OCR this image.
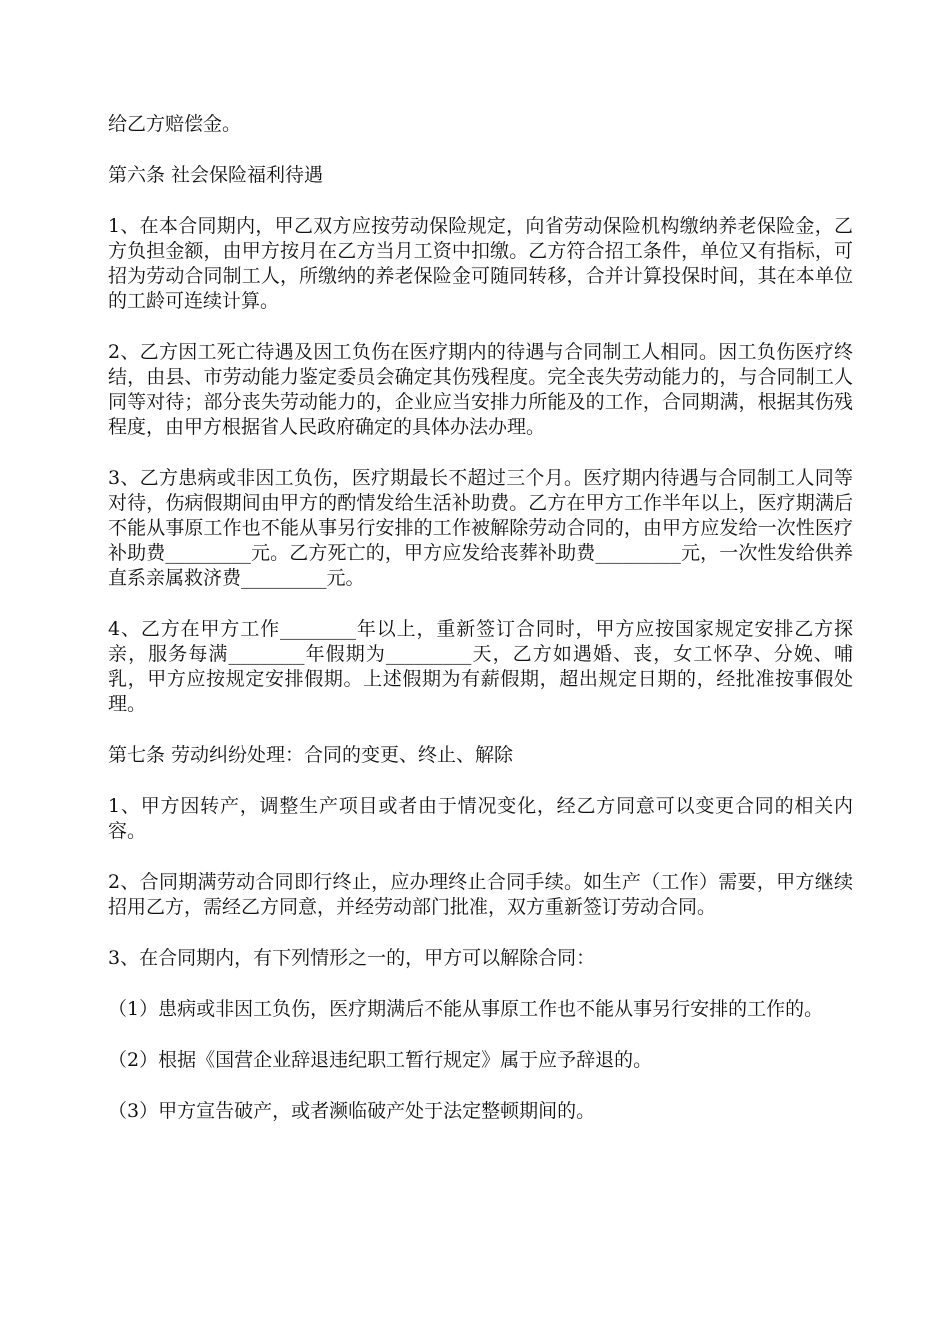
给乙方赔偿金。

第六条 社会保险福利待遇

1、在本合同期内，甲乙双方应按劳动保险规定，向省劳动保险机构缴纳养老保险金，乙方负担金额，由甲方按月在乙方当月工资中扣缴。乙方符合招工条件，单位又有指标，可招为劳动合同制工人，所缴纳的养老保险金可随同转移，合并计算投保时间，其在本单位的工龄可连续计算。

2、乙方因工死亡待遇及因工负伤在医疗期内的待遇与合同制工人相同。因工负伤医疗终结，由县、市劳动能力鉴定委员会确定其伤残程度。完全丧失劳动能力的，与合同制工人同等对待；部分丧失劳动能力的，企业应当安排力所能及的工作，合同期满，根据其伤残程度，由甲方根据省人民政府确定的具体办法办理。

3、乙方患病或非因工负伤，医疗期最长不超过三个月。医疗期内待遇与合同制工人同等对待，伤病假期间由甲方的酌情发给生活补助费。乙方在甲方工作半年以上，医疗期满后不能从事原工作也不能从事另行安排的工作被解除劳动合同的，由甲方应发给一次性医疗补助费_________元。乙方死亡的，甲方应发给丧葬补助费_________元，一次性发给供养直系亲属救济费_________元。

4、乙方在甲方工作________年以上，重新签订合同时，甲方应按国家规定安排乙方探亲，服务每满________年假期为_________天，乙方如遇婚、丧，女工怀孕、分娩、哺乳，甲方应按规定安排假期。上述假期为有薪假期，超出规定日期的，经批准按事假处理。

第七条 劳动纠纷处理：合同的变更、终止、解除

1、甲方因转产，调整生产项目或者由于情况变化，经乙方同意可以变更合同的相关内容。

2、合同期满劳动合同即行终止，应办理终止合同手续。如生产（工作）需要，甲方继续招用乙方，需经乙方同意，并经劳动部门批准，双方重新签订劳动合同。

3、在合同期内，有下列情形之一的，甲方可以解除合同：

（1）患病或非因工负伤，医疗期满后不能从事原工作也不能从事另行安排的工作的。

（2）根据《国营企业辞退违纪职工暂行规定》属于应予辞退的。

（3）甲方宣告破产，或者濒临破产处于法定整顿期间的。
